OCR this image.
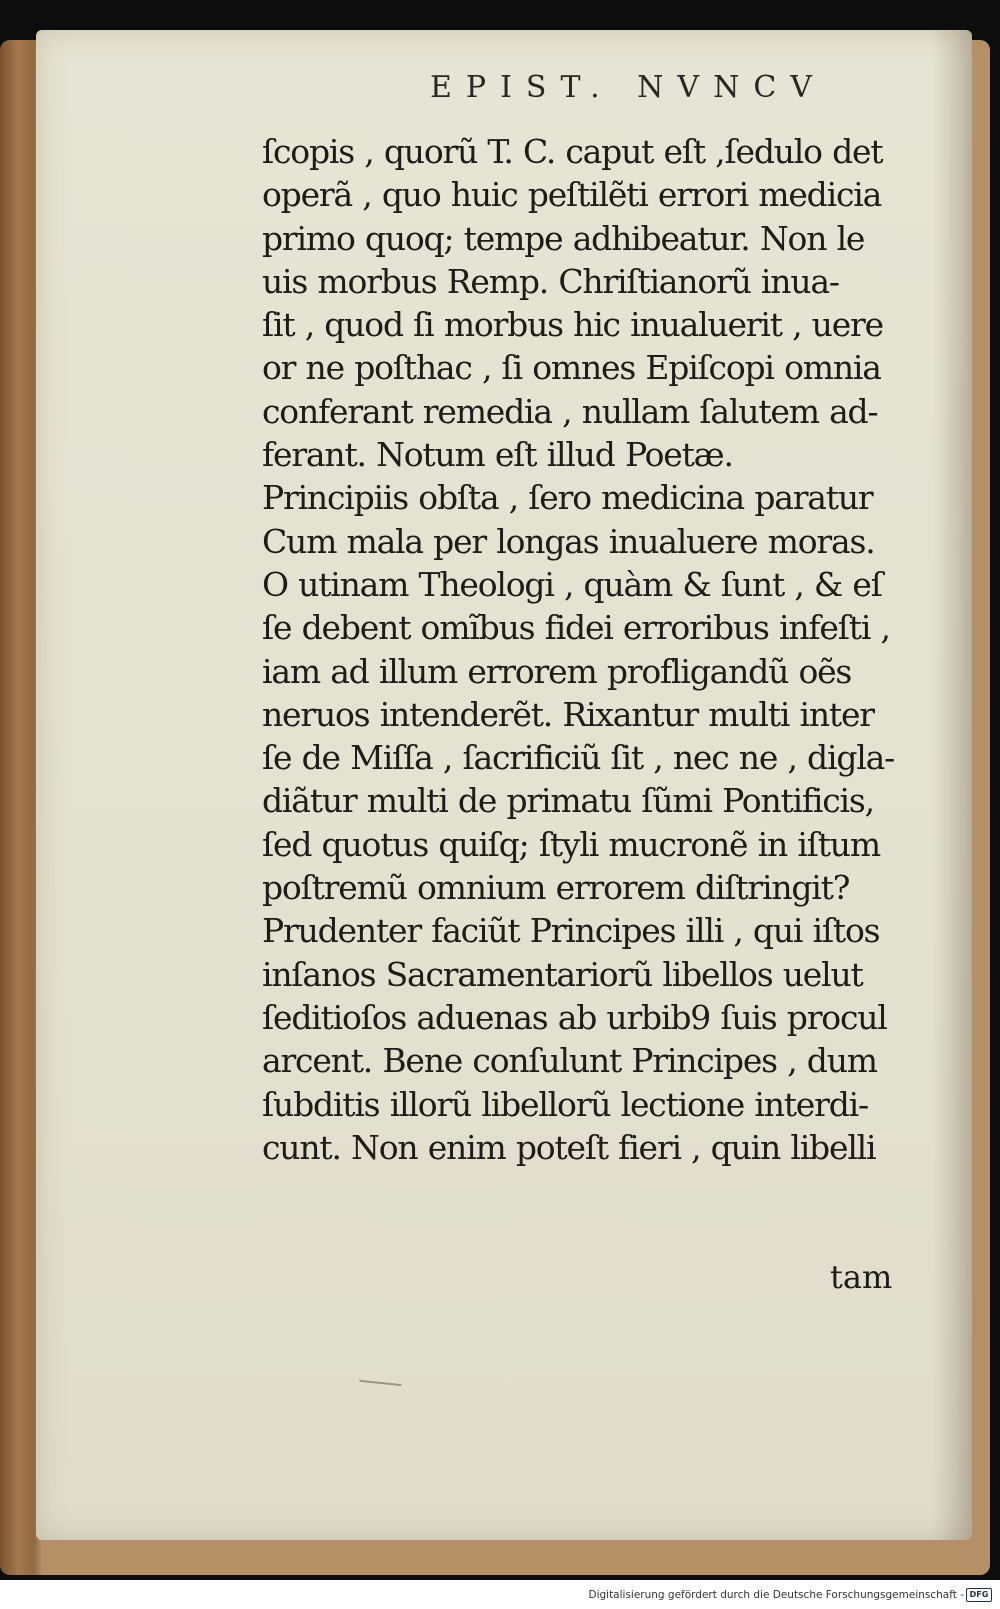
EPIST. NVNCV
ſcopis , quorũ T. C. caput eſt ,ſedulo det
operã , quo huic peſtilẽti errori medicia
primo quoq; tempe adhibeatur. Non le
uis morbus Remp. Chriſtianorũ inua-
ſit , quod ſi morbus hic inualuerit , uere
or ne poſthac , ſi omnes Epiſcopi omnia
conferant remedia , nullam ſalutem ad-
ferant. Notum eſt illud Poetæ.
Principiis obſta , ſero medicina paratur
Cum mala per longas inualuere moras.
O utinam Theologi , quàm & ſunt , & eſ
ſe debent omĩbus fidei erroribus infeſti ,
iam ad illum errorem profligandũ oẽs
neruos intenderẽt. Rixantur multi inter
ſe de Miſſa , ſacrificiũ ſit , nec ne , digla-
diãtur multi de primatu ſũmi Pontificis,
ſed quotus quiſq; ſtyli mucronẽ in iſtum
poſtremũ omnium errorem diſtringit?
Prudenter faciũt Principes illi , qui iſtos
inſanos Sacramentariorũ libellos uelut
ſeditioſos aduenas ab urbib9 ſuis procul
arcent. Bene conſulunt Principes , dum
ſubditis illorũ libellorũ lectione interdi-
cunt. Non enim poteſt fieri , quin libelli
tam
Digitalisierung gefördert durch die Deutsche Forschungsgemeinschaft - DFG
